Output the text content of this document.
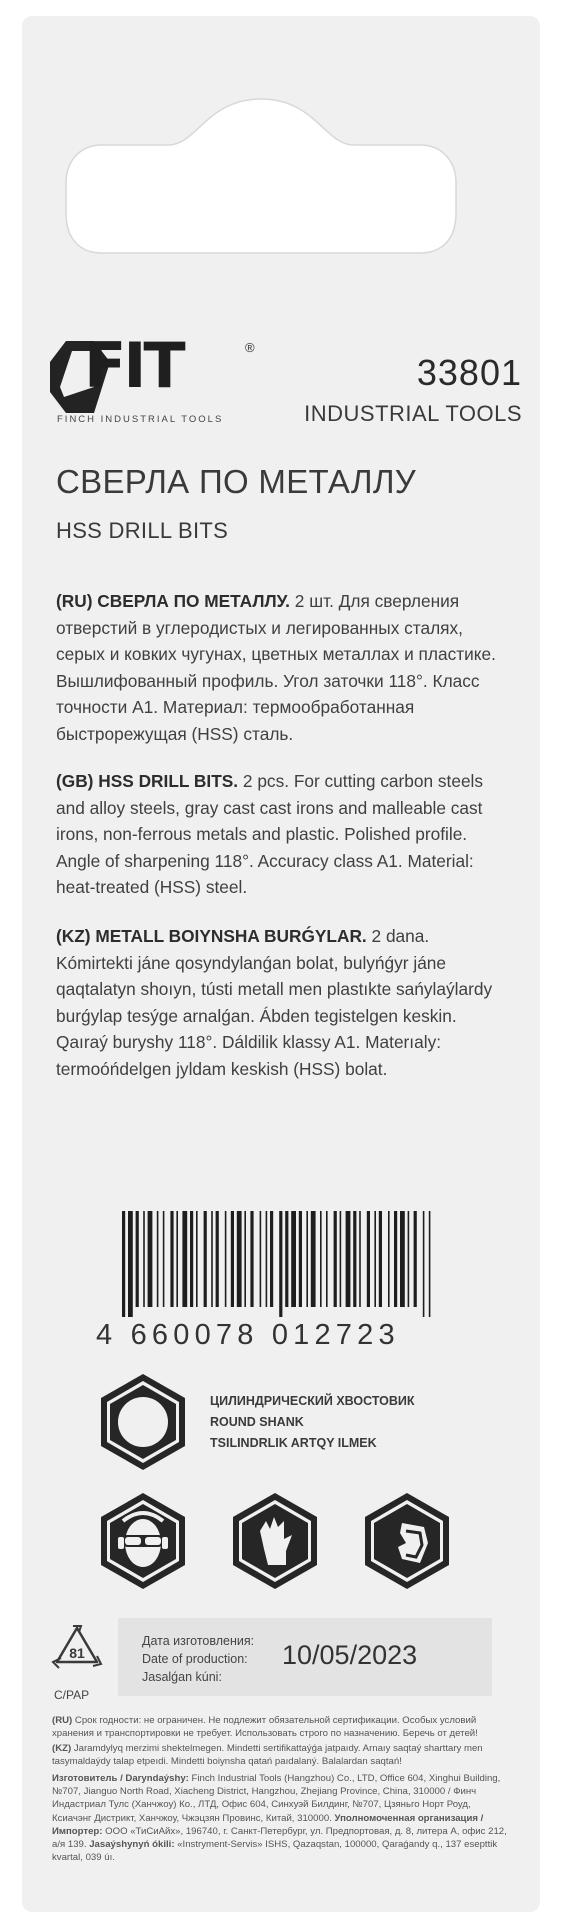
FIT	®
FINCH INDUSTRIAL TOOLS
33801
INDUSTRIAL TOOLS
СВЕРЛА ПО МЕТАЛЛУ
HSS DRILL BITS
(RU) СВЕРЛА ПО МЕТАЛЛУ. 2 шт. Для сверления отверстий в углеродистых и легированных сталях, серых и ковких чугунах, цветных металлах и пластике. Вышлифованный профиль. Угол заточки 118°. Класс точности А1. Материал: термообработанная быстрорежущая (HSS) сталь.
(GB) HSS DRILL BITS. 2 pcs. For cutting carbon steels and alloy steels, gray cast cast irons and malleable cast irons, non-ferrous metals and plastic. Polished profile. Angle of sharpening 118°. Accuracy class A1. Material: heat-treated (HSS) steel.
(KZ) METALL BOIYNSHA BURǴYLAR. 2 dana. Kómirtekti jáne qosyndylanǵan bolat, bulyńǵyr jáne qaqtalatyn shoıyn, tústi metall men plastıkte sańylaýlardy burǵylap tesýge arnalǵan. Ábden tegistelgen keskin. Qaıraý buryshy 118°. Dáldilik klassy A1. Materıaly: termoóńdelgen jyldam keskish (HSS) bolat.
4 660078 012723
ЦИЛИНДРИЧЕСКИЙ ХВОСТОВИК
ROUND SHANK
TSILINDRLIK ARTQY ILMEK
81
C/PAP
Дата изготовления:
Date of production:
Jasalǵan kúni:
10/05/2023
(RU) Срок годности: не ограничен. Не подлежит обязательной сертификации. Особых условий хранения и транспортировки не требует. Использовать строго по назначению. Беречь от детей!
(KZ) Jaramdylyq merzimi shektelmegen. Mindetti sertifikattaýǵa jatpaıdy. Arnaıy saqtaý sharttary men tasymaldaýdy talap etpeıdi. Mindetti boiynsha qatań paıdalaný. Balalardan saqtań!
Изготовитель / Daryndaýshy: Finch Industrial Tools (Hangzhou) Co., LTD, Office 604, Xinghui Building, №707, Jianguo North Road, Xiacheng District, Hangzhou, Zhejiang Province, China, 310000 / Финч Индастриал Тулс (Ханчжоу) Ко., ЛТД, Офис 604, Синхуэй Билдинг, №707, Цзяньго Норт Роуд, Ксиачэнг Дистрикт, Ханчжоу, Чжэцзян Провинс, Китай, 310000. Уполномоченная организация / Импортер: ООО «ТиСиАйх», 196740, г. Санкт-Петербург, ул. Предпортовая, д. 8, литера А, офис 212, а/я 139. Jasaýshynyń ókili: «Instryment-Servis» ISHS, Qazaqstan, 100000, Qaraǵandy q., 137 esepttik kvartal, 039 úı.
